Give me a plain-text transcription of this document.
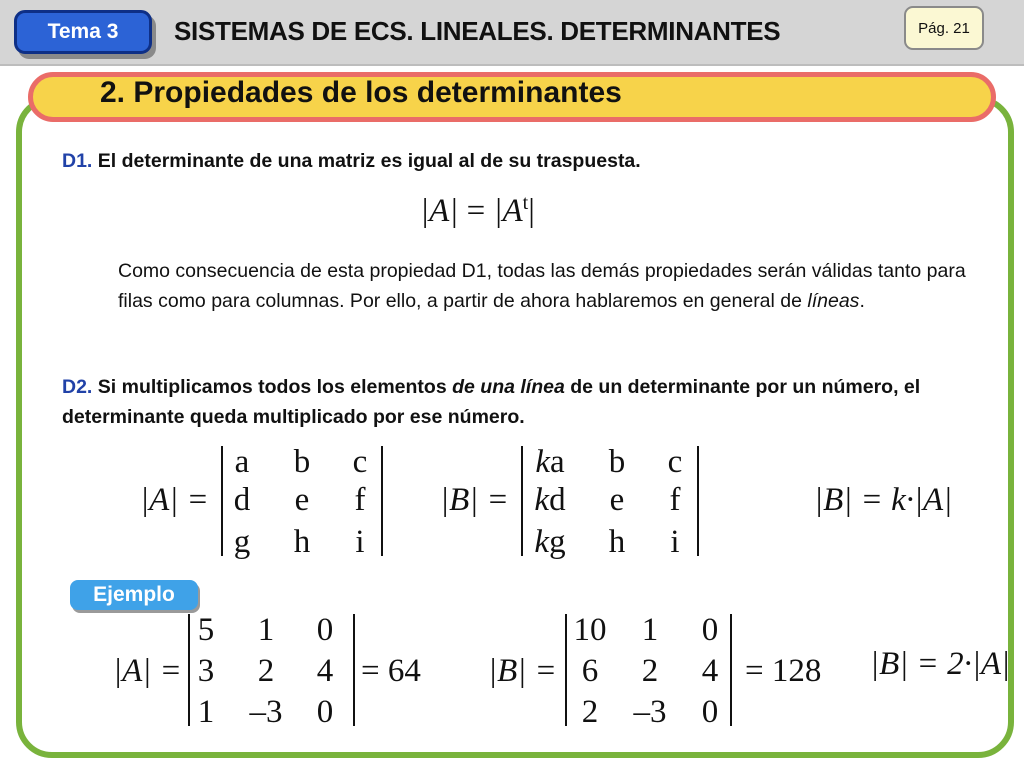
Tema 3	SISTEMAS DE ECS. LINEALES. DETERMINANTES	Pág. 21
2. Propiedades de los determinantes
D1. El determinante de una matriz es igual al de su traspuesta.
$|A| = |A^t|$
Como consecuencia de esta propiedad D1, todas las demás propiedades serán válidas tanto para filas como para columnas. Por ello, a partir de ahora hablaremos en general de líneas.
D2. Si multiplicamos todos los elementos de una línea de un determinante por un número, el determinante queda multiplicado por ese número.
|A| =
a b c
d e f
g h i
|B| =
ka b c
kd e f
kg h i
|B| = k·|A|
Ejemplo
|A| =
5 1 0
3 2 4
1 –3 0
= 64 |B| =
10 1 0
6 2 4
2 –3 0
= 128 |B| = 2·|A|
